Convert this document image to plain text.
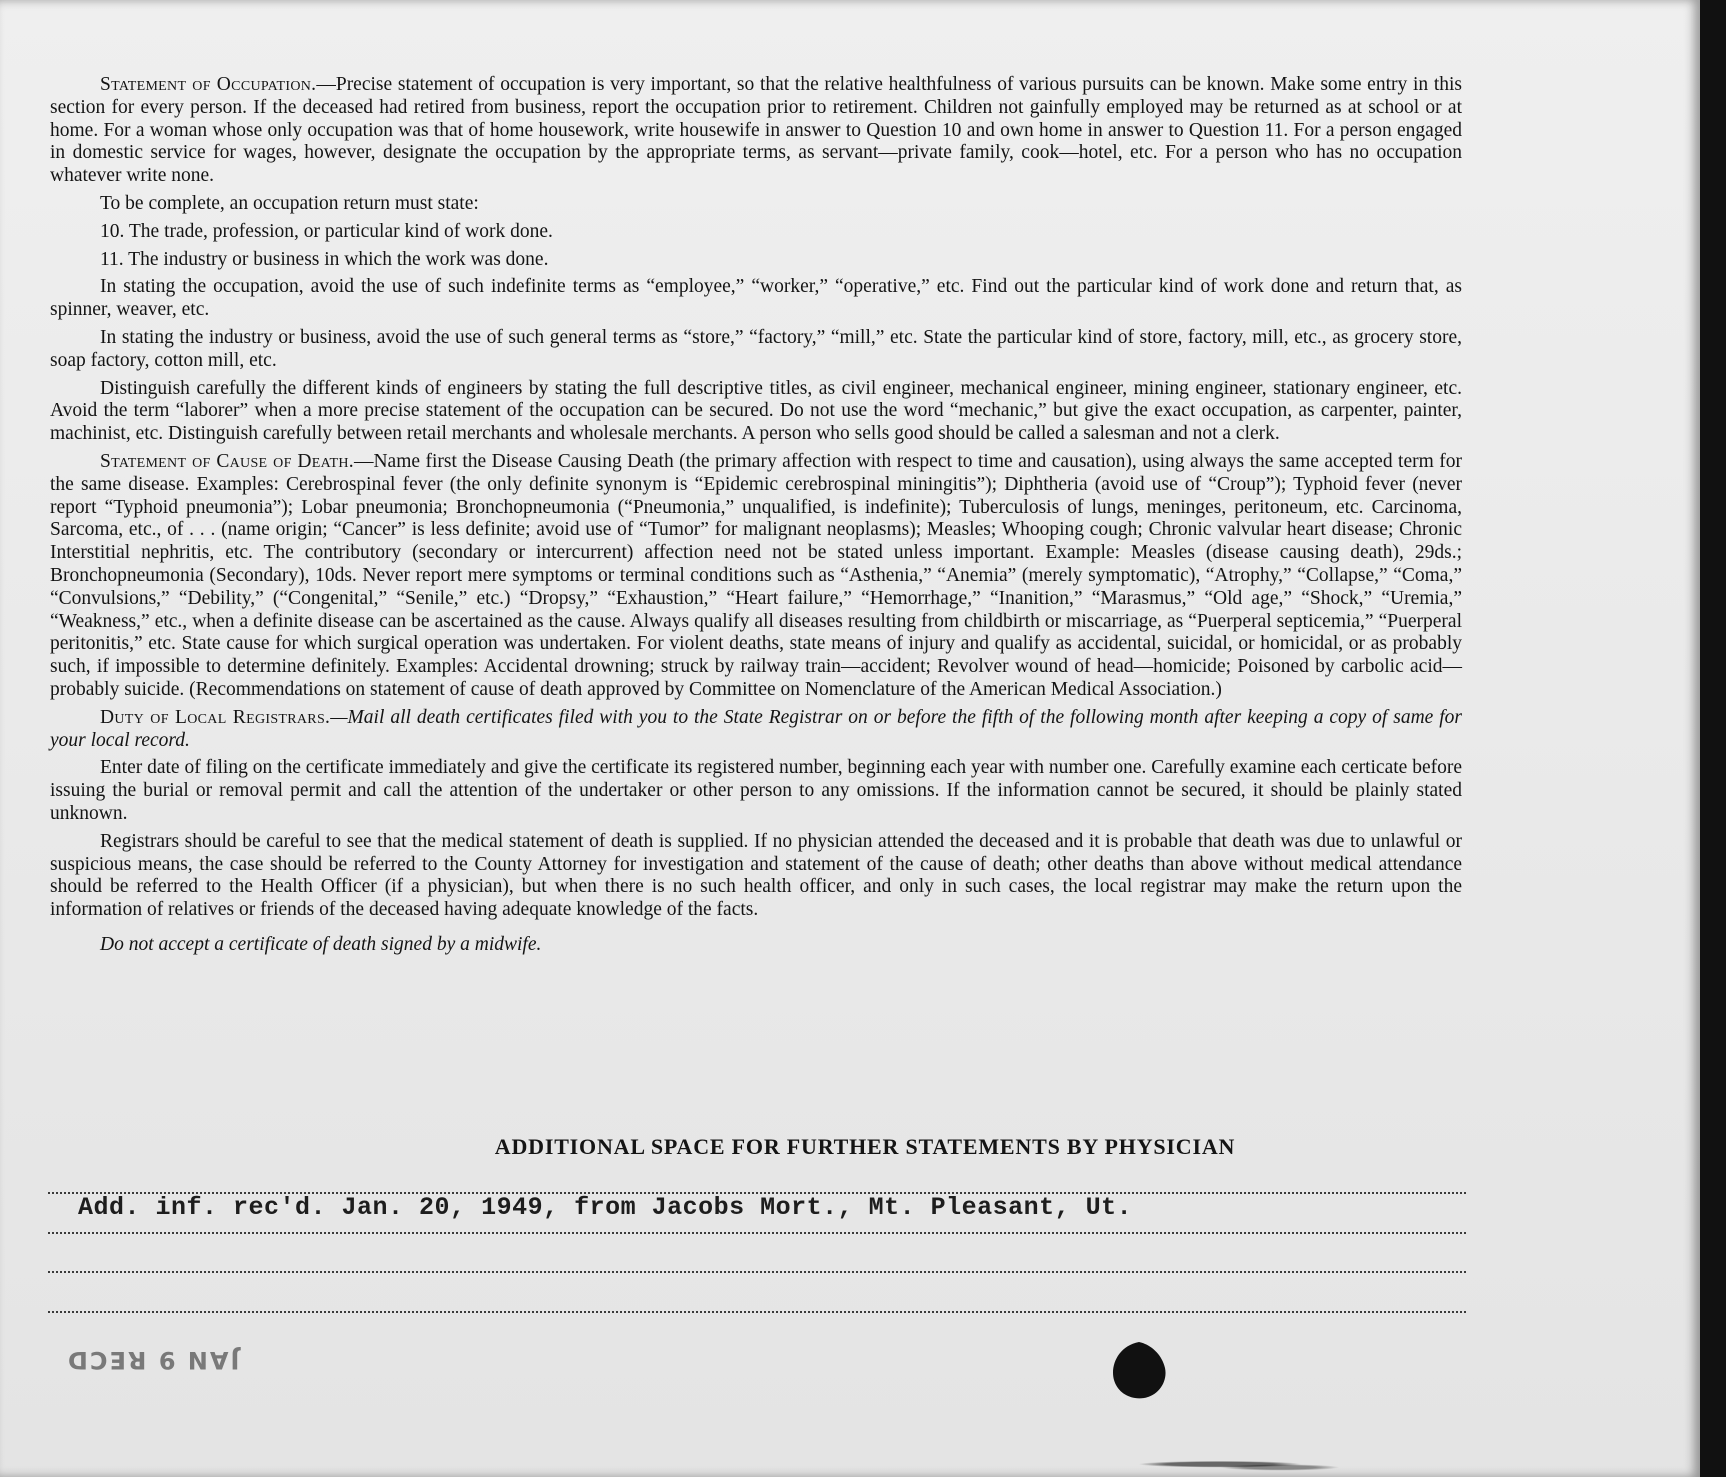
Statement of Occupation.—Precise statement of occupation is very important, so that the relative healthfulness of various pursuits can be known. Make some entry in this section for every person. If the deceased had retired from business, report the occupation prior to retirement. Children not gainfully employed may be returned as at school or at home. For a woman whose only occupation was that of home housework, write housewife in answer to Question 10 and own home in answer to Question 11. For a person engaged in domestic service for wages, however, designate the occupation by the appropriate terms, as servant—private family, cook—hotel, etc. For a person who has no occupation whatever write none.

To be complete, an occupation return must state:

10. The trade, profession, or particular kind of work done.

11. The industry or business in which the work was done.

In stating the occupation, avoid the use of such indefinite terms as “employee,” “worker,” “operative,” etc. Find out the particular kind of work done and return that, as spinner, weaver, etc.

In stating the industry or business, avoid the use of such general terms as “store,” “factory,” “mill,” etc. State the particular kind of store, factory, mill, etc., as grocery store, soap factory, cotton mill, etc.

Distinguish carefully the different kinds of engineers by stating the full descriptive titles, as civil engineer, mechanical engineer, mining engineer, stationary engineer, etc. Avoid the term “laborer” when a more precise statement of the occupation can be secured. Do not use the word “mechanic,” but give the exact occupation, as carpenter, painter, machinist, etc. Distinguish carefully between retail merchants and wholesale merchants. A person who sells good should be called a salesman and not a clerk.

Statement of Cause of Death.—Name first the Disease Causing Death (the primary affection with respect to time and causation), using always the same accepted term for the same disease. Examples: Cerebrospinal fever (the only definite synonym is “Epidemic cerebrospinal miningitis”); Diphtheria (avoid use of “Croup”); Typhoid fever (never report “Typhoid pneumonia”); Lobar pneumonia; Bronchopneumonia (“Pneumonia,” unqualified, is indefinite); Tuberculosis of lungs, meninges, peritoneum, etc. Carcinoma, Sarcoma, etc., of . . . (name origin; “Cancer” is less definite; avoid use of “Tumor” for malignant neoplasms); Measles; Whooping cough; Chronic valvular heart disease; Chronic Interstitial nephritis, etc. The contributory (secondary or intercurrent) affection need not be stated unless important. Example: Measles (disease causing death), 29ds.; Bronchopneumonia (Secondary), 10ds. Never report mere symptoms or terminal conditions such as “Asthenia,” “Anemia” (merely symptomatic), “Atrophy,” “Collapse,” “Coma,” “Convulsions,” “Debility,” (“Congenital,” “Senile,” etc.) “Dropsy,” “Exhaustion,” “Heart failure,” “Hemorrhage,” “Inanition,” “Marasmus,” “Old age,” “Shock,” “Uremia,” “Weakness,” etc., when a definite disease can be ascertained as the cause. Always qualify all diseases resulting from childbirth or miscarriage, as “Puerperal septicemia,” “Puerperal peritonitis,” etc. State cause for which surgical operation was undertaken. For violent deaths, state means of injury and qualify as accidental, suicidal, or homicidal, or as probably such, if impossible to determine definitely. Examples: Accidental drowning; struck by railway train—accident; Revolver wound of head—homicide; Poisoned by carbolic acid—probably suicide. (Recommendations on statement of cause of death approved by Committee on Nomenclature of the American Medical Association.)

Duty of Local Registrars.—Mail all death certificates filed with you to the State Registrar on or before the fifth of the following month after keeping a copy of same for your local record.

Enter date of filing on the certificate immediately and give the certificate its registered number, beginning each year with number one. Carefully examine each certicate before issuing the burial or removal permit and call the attention of the undertaker or other person to any omissions. If the information cannot be secured, it should be plainly stated unknown.

Registrars should be careful to see that the medical statement of death is supplied. If no physician attended the deceased and it is probable that death was due to unlawful or suspicious means, the case should be referred to the County Attorney for investigation and statement of the cause of death; other deaths than above without medical attendance should be referred to the Health Officer (if a physician), but when there is no such health officer, and only in such cases, the local registrar may make the return upon the information of relatives or friends of the deceased having adequate knowledge of the facts.

Do not accept a certificate of death signed by a midwife.

ADDITIONAL SPACE FOR FURTHER STATEMENTS BY PHYSICIAN
Add. inf. rec'd. Jan. 20, 1949, from Jacobs Mort., Mt. Pleasant, Ut.
JAN 9 RECD
